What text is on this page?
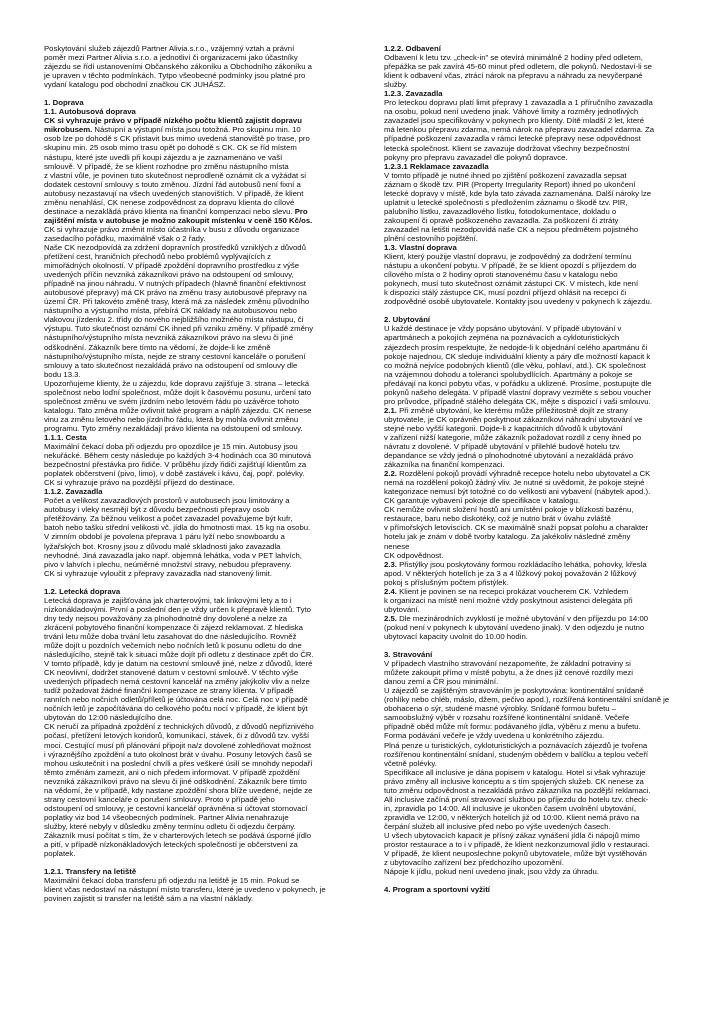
Poskytování služeb zájezdů Partner Alivia.s.r.o., vzájemný vztah a právní
poměr mezi Partner Alivia s.r.o. a jednotliví či organizacemi jako účastníky
zájezdu se řídí ustanoveními Občanského zákoníku a Obchodního zákoníku a
je upraven v těchto podmínkách. Tytpo všeobecné podmínky jsou platné pro
vydaní katalogu pod obchodní značkou CK JUHÁSZ.

1. Doprava

1.1. Autobusová doprava

CK si vyhrazuje právo v případě nízkého počtu klientů zajistit dopravu
mikrobusem. Nástupní a výstupní místa jsou totožná. Pro skupinu min. 10
osob lze po dohodě s CK přistavit bus mimo uvedená stanoviště po trase, pro
skupinu min. 25 osob mimo trasu opět po dohodě s CK. CK se říd místem
nástupu, které jste uvedli při koupi zájezdu a je zaznamenáno ve vaší
smlouvě. V případě, že se klient rozhodne pro změnu nástupního místa
z vlastní vůle, je povinen tuto skutečnost neprodleně oznámit ck a vyžádat si
dodatek cestovní smlouvy s touto změnou. Jízdní řád autobusů není fixní a
autobusy nezastavují na všech uvedených stanovištích. V případě, že klient
změnu nenahlásí, CK nenese zodpovědnost za dopravu klienta do cílové
destinace a nezaklădá právo klienta na finanční kompenzaci nebo slevu. Pro
zajištění místa v autobuse je možno zakoupit místenku v ceně 150 Kč/os.
CK si vyhrazuje právo změnit místo účastníka v busu z důvodu organizace
zasedacího pořádku, maximálně však o 2 řady.
Naše CK nezodpovídá za zdržení dopravních prostředků vzniklých z důvodů
přetížení cest, hraničních přechodů nebo problémů vyplývajících z
mimořádných okolností. V případě zpoždění dopravního prostředku z výše
uvedených příčin nevzniká zákazníkovi právo na odstoupení od smlouvy,
případně na jinou náhradu. V nutných případech (hlavně finanční efektivnost
autobusové přepravy) má CK právo na změnu trasy autobusové přepravy na
území ČR. Při takovéto změně trasy, která má za následek změnu původního
nástupního a výstupního místa, přebírá CK náklady na autobusovou nebo
vlakovou jízdenku 2. třídy do nového nejbližšího možného místa nástupu, či
výstupu. Tuto skutečnost oznámí CK ihned při vzniku změny. V případě změny
nástupního/výstupního místa nevzniká zákazníkovi právo na slevu či jiné
odškodnění. Zákazník bere tímto na vědomí, že dojde-li ke změně
nástupního/výstupního místa, nejde ze strany cestovní kanceláře o porušení
smlouvy a tato skutečnost nezakládá právo na odstoupení od smlouvy dle
bodu 13.3.
Upozorňujeme klienty, že u zájezdu, kde dopravu zajišťuje 3. strana – letecká
společnost nebo loďní společnost, může dojít k časovému posunu, určení tato
společnost změnu ve svém jízdním nebo letovém řádu po uzávěrce tohoto
katalogu. Tato změna může ovlivnit také program a náplň zájezdu. CK nenese
vinu za změnu letového nebo jízdního řádu, která by mohla ovlivnit změnu
programu. Tyto změny nezakládají právo klienta na odstoupení od smlouvy.

1.1.1. Cesta

Maximální čekací doba při odjezdu pro opozdilce je 15 min. Autobusy jsou
nekuřácké. Během cesty následuje po každých 3-4 hodinách cca 30 minutová
bezpečnostní přestávka pro řidiče. V průběhu jízdy řidiči zajišťují klientům za
poplatek občerstvení (pivo, limo), v době zastávek i kávu, čaj, popř. polévky.
CK si vyhrazuje právo na pozdější příjezd do destinace.

1.1.2. Zavazadla

Počet a velikost zavazadlových prostorů v autobusech jsou limitovány a
autobusy i vleky nesmějí být z důvodu bezpečnosti přepravy osob
přetěžovány. Za běžnou velikost a počet zavazadel považujeme být kufr,
batoh nebo tašku střední velikosti vč. jídla do hmotnosti max. 15 kg na osobu.
V zimním období je povolena přeprava 1 páru lyží nebo snowboardu a
lyžařských bot. Krosny jsou z důvodu malé skladnosti jako zavazadla
nevhodné. Jiná zavazadla jako např. objemná lehátka, voda v PET lahvích,
pivo v lahvích i plechu, neúměrné množství stravy, nebudou přepraveny.
CK si vyhrazuje vyloučit z přepravy zavazadla nad stanovený limit.

1.2. Letecká doprava

Letecká doprava je zajišťována jak charterovými, tak linkovými lety a to i
nízkonákladovými. První a poslední den je vždy určen k přepravě klientů. Tyto
dny tedy nejsou považovány za plnohodnotné dny dovolené a nelze za
zkrácení pobytového finanční kompenzace či zájezd reklamovat. Z hlediska
trvání letu může doba trvání letu zasahovat do dne následujícího. Rovněž
může dojít u pozdních večerních nebo nočních letů k posunu odletu do dne
následujícího, stejně tak k situaci může dojít při odletu z destinace zpět do ČR.
V tomto případě, kdy je datum na cestovní smlouvě jiné, nelze z důvodů, které
CK neovlivní, dodržet stanovené datum v cestovní smlouvě. V těchto výše
uvedených případech nemá cestovní kancelář na změny jakýkoliv vliv a nelze
tudíž požadovat žádné finanční kompenzace ze strany klienta. V případě
ranních nebo nočních odletů/příletů je účtována celá noc. Celá noc v případě
nočních letů je započítávána do celkového počtu nocí v případě, že klient být
ubytován do 12:00 následujícího dne.
CK neručí za případná zpoždění z technických důvodů, z důvodů nepříznivého
počasí, přetížení letových koridorů, komunikací, stávek, či z důvodů tzv. vyšší
moci. Cestující musí při plánování připojit na/z dovolené zohledňovat možnost
i výraznějšího zpoždění a tuto okolnost brát v úvahu. Posuny letových časů se
mohou uskutečnit i na poslední chvíli a přes veškeré úsilí se mnohdy nepodaří
těmto změnám zamezit, ani o nich předem informovat. V případě zpoždění
nevzniká zákazníkovi právo na slevu či jiné odškodnění. Zákazník bere tímto
na vědomí, že v případě, kdy nastane zpoždění shora blíže uvedené, nejde ze
strany cestovní kanceláře o porušení smlouvy. Proto v případě jeho
odstoupení od smlouvy, je cestovní kancelář oprávněna si účtovat stornovací
poplatky viz bod 14 všeobecných podmínek. Partner Alivia nenahrazuje
služby, které nebyly v důsledku změny termínu odletu či odjezdu čerpány.
Zákazník musí počítat s tím, že v charterových letech se podává úsporné jídlo
a pití, v případě nízkonákladových leteckých společností je občerstvení za
poplatek.

1.2.1. Transfery na letiště

Maximální čekací doba transferu při odjezdu na letiště je 15 min. Pokud se
klient včas nedostaví na nástupní místo transferu, které je uvedeno v pokynech, je povinen zajistit si transfer na letiště sám a na vlastní náklady.

1.2.2. Odbavení

Odbavení k letu tzv. „check-in" se otevírá minimálně 2 hodiny před odletem,
přepážka se pak zavírá 45-60 minut před odletem, dle pokynů. Nedostaví-li se
klient k odbavení včas, ztrácí nárok na přepravu a náhradu za nevyčerpané
služby.

1.2.3. Zavazadla

Pro leteckou dopravu platí limit přepravy 1 zavazadla a 1 příručního zavazadla
na osobu, pokud není uvedeno jinak. Váhové limity a rozměry jednotlivých
zavazadel jsou specifikovány v pokynech pro klienty. Dítě mladší 2 let, které
má letenkou přepravu zdarma, nemá nárok na přepravu zavazadel zdarma. Za
případné poškození zavazadla v rámci letecké přepravy nese odpovědnost
letecká společnost. Klient se zavazuje dodržovat všechny bezpečnostní
pokyny pro přepravu zavazadel dle pokynů dopravce.

1.2.3.1 Reklamace zavazadla

V tomto případě je nutné ihned po zjištění poškození zavazadla sepsat
záznam o škodě tzv. PIR (Property Irregularity Report) ihned po ukončení
letecké dopravy v místě, kde byla tato závada zaznamenána. Další nároky lze
uplatnit u letecké společnosti s předložením záznamu o škodě tzv. PIR,
palubního lístku, zavazadlového lístku, fotodokumentace, dokladu o
zakoupení či opravě poškozeného zavazadla. Za poškození či ztráty
zavazadel na letišti nezodpovídá naše CK a nejsou předmětem pojistného
plnění cestovního pojištění.

1.3. Vlastní doprava

Klient, který použije vlastní dopravu, je zodpovědný za dodržení termínu
nástupu a ukončení pobytu. V případě, že se klient opozdí s příjezdem do
cílového místa o 2 hodiny oproti stanovenému času v katalogu nebo
pokynech, musí tuto skutečnost oznámit zástupci CK. V místech, kde není
k dispozici stálý zástupce CK, musí pozdní příjezd ohlásit na recepci či
zodpovědné osobě ubytovatele. Kontakty jsou uvedeny v pokynech k zájezdu.

2. Ubytování

U každé destinace je vždy popsáno ubytování. V případě ubytování v
apartmánech a pokojích zejména na poznávacích a cykloturistických
zájezdech prosím respektujte, že nedojde-li k objednání celého apartmánu či
pokoje najednou, CK sleduje individuální klienty a páry dle možností kapacit k
co možná nejvíce podobných klientů (dle věku, pohlaví, atd.). CK společnost
na vzájemnou dohodu a toleranci spolubydlících. Apartmány a pokoje se
předávají na konci pobytu včas, v pořádku a uklizené. Prosíme, postupujte dle
pokynů našeho delegáta. V případě vlastní dopravy vezměte s sebou voucher
pro průvodce, případně stálého delegáta CK, mějte s dispozicí i vaši smlouvu.

2.1. Při změně ubytování, ke kterému může příležitostně dojít ze strany
ubytovatele, je CK oprávněn poskytnout zákazníkovi náhradní ubytování ve
stejné nebo vyšší kategorii. Dojde-li z kapacitních důvodů k ubytování
v zařízení nižší kategorie, může zákazník požadovat rozdíl z ceny ihned po
návratu z dovolené. V případě ubytování v přilehlé budově hotelu tzv.
depandance se vždy jedná o plnohodnotné ubytování a nezakládá právo
zákazníka na finanční kompenzaci.

2.2. Rozdělení pokojů provádí výhradně recepce hotelu nebo ubytovatel a CK
nemá na rozdělení pokojů žádný vliv. Je nutné si uvědomit, že pokoje stejné
kategorizace nemusí být totožné co do velikosti ani vybavení (nábytek apod.).
CK garantuje vybavení pokoje dle specifikace v katalogu.
CK nemůže ovlivnit složení hostů ani umístění pokoje v blízkosti bazénu,
restaurace, baru nebo diskotéky, což je nutno brát v úvahu zvláště
v přímořských letoviscích. CK se maximálně snaží popsat polohu a charakter
hotelu jak je znám v době tvorby katalogu. Za jakékoliv následné změny
nenese
CK odpovědnost.

2.3. Přistýlky jsou poskytovány formou rozkládacího lehátka, pohovky, křesla
apod. V některých hotelích je za 3 a 4 lůžkový pokoj považován 2 lůžkový
pokoj s příslušným počtem přistýlek.

2.4. Klient je povinen se na recepci prokázat voucherem CK. Vzhledem
k organizaci na místě není možné vždy poskytnout asistenci delegáta při
ubytování.

2.5. Dle mezinárodních zvyklostí je možné ubytování v den příjezdu po 14:00
(pokud není v pokynech k ubytování uvedeno jinak). V den odjezdu je nutno
ubytovací kapacity uvolnit do 10.00 hodin.

3. Stravování

V případech vlastního stravování nezapomeňte, že základní potraviny si
můžete zakoupit přímo v místě pobytu, a že dnes již cenové rozdíly mezi
danou zemí a ČR jsou minimální.
U zájezdů se zajištěným stravováním je poskytována: kontinentální snídaně
(rohlíky nebo chléb, máslo, džem, pečivo apod.), rozšířená kontinentální snídaně je
obohacena o sýr, studené masné výrobky. Snídaně formou bufetu –
samoobslužný výběr v rozsahu rozšířené kontinentální snídaně. Večeře
případně oběd může mít formu: podávaného jídla, výběru z menu a bufetu.
Forma podávání večeře je vždy uvedena u konkrétního zájezdu.
Plná penze u turistických, cykloturistických a poznávacích zájezdů je tvořena
rozšířenou kontinentální snídaní, studeným obědem v balíčku a teplou večeří
včetně polévky.
Specifikace all inclusive je dána popisem v katalogu. Hotel si však vyhrazuje
právo změny all inclusive konceptu a s tím spojených služeb. CK nenese za
tuto změnu odpovědnost a nezakládá právo zákazníka na pozdější reklamaci.
All inclusive začíná první stravovací službou po příjezdu do hotelu tzv. check-
in, zpravidla po 14:00. All inclusive je ukončen časem uvolnění ubytování,
zpravidla ve 12:00, v některých hotelích již od 10:00. Klient nemá právo na
čerpání služeb all inclusive před nebo po výše uvedených časech.
U všech ubytovacích kapacit je přísný zákaz vynášení jídla či nápojů mimo
prostor restaurace a to i v případě, že klient nezkonzumoval jídlo v restauraci.
V případě, že klient neuposlechne pokynů ubytovatele, může být vystěhován
z ubytovacího zařízení bez předchozího upozornění.
Nápoje k jídlu, pokud není uvedeno jinak, jsou vždy za úhradu.

4. Program a sportovní vyžití
